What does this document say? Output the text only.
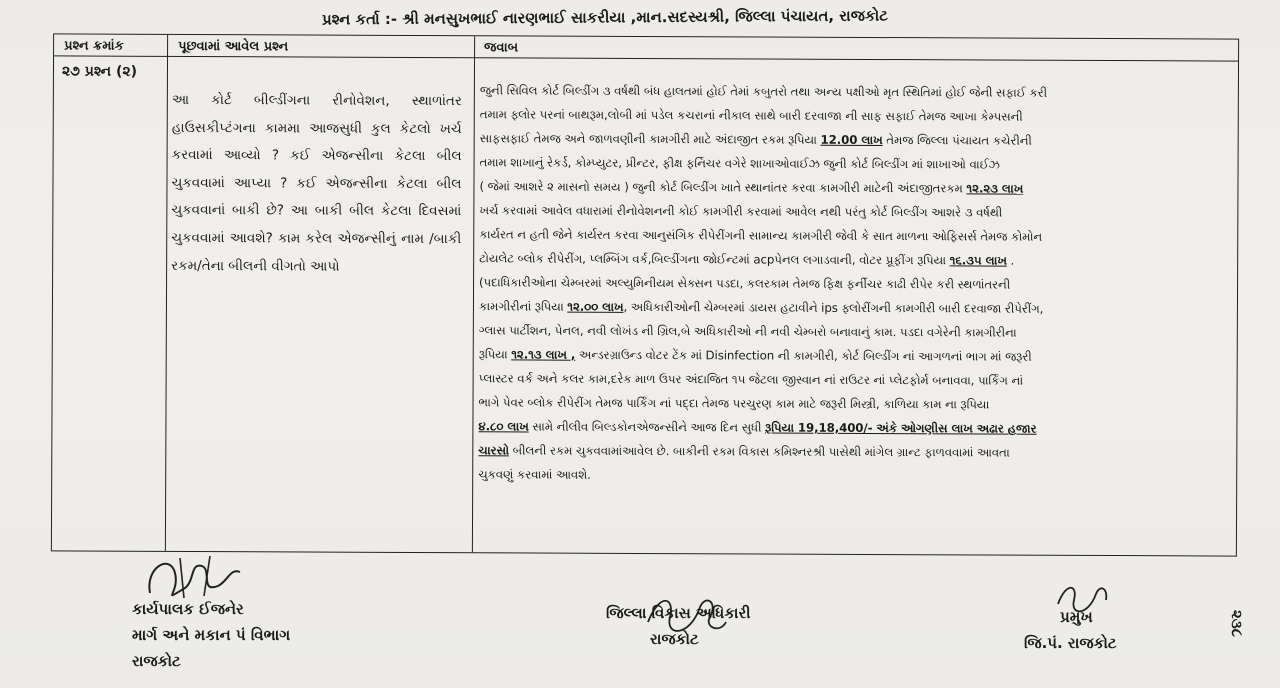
પ્રશ્ન કર્તા :- શ્રી મનસુખભાઈ નારણભાઈ સાકરીયા ,માન.સદસ્યશ્રી, જિલ્લા પંચાયત, રાજકોટ
પ્રશ્ન ક્રમાંક	પૂછવામાં આવેલ પ્રશ્ન	જવાબ
૨૭ પ્રશ્ન (૨)
આ કોર્ટ બીલ્ડીંગના રીનોવેશન, સ્થાળાંતર હાઉસકીપ્ટંગના કામમા આજસુધી કુલ કેટલો ખર્ચ કરવામાં આવ્યો ? કઈ એજન્સીના કેટલા બીલ ચુકવવામાં આપ્યા ? કઈ એજન્સીના કેટલા બીલ ચુકવવાનાં બાકી છે? આ બાકી બીલ કેટલા દિવસમાં ચુકવવામાં આવશે? કામ કરેલ એજન્સીનું નામ /બાકી રકમ/તેના બીલની વીગતો આપો
જુની સિવિલ કોર્ટ બિલ્ડીંગ ૩ વર્ષથી બંધ હાલતમાં હોઈ તેમાં કબુતરો તથા અન્ય પક્ષીઓ મૃત સ્થિતિમાં હોઈ જેની સફાઈ કરી
તમામ ફ્લોર પરનાં બાથરૂમ,લોબી માં પડેલ કચરાનાં નીકાલ સાથે બારી દરવાજા ની સાફ સફાઈ તેમજ આખા કેમ્પસની
સાફસફાઈ તેમજ અને જાળવણીની કામગીરી માટે અંદાજીત રકમ રૂપિયા 12.00 લાખ તેમજ જિલ્લા પંચાયત કચેરીની
તમામ શાખાનું રેકર્ડ, કોમ્પ્યુટર, પ્રીન્ટર, ફીક્ષ ફર્નિચર વગેરે શાખાઓવાઈઝ જુની કોર્ટ બિલ્ડીંગ માં શાખાઓ વાઈઝ
( જેમાં આશરે ૨ માસનો સમય ) જુની કોર્ટ બિલ્ડીંગ ખાતે સ્થાનાંતર કરવા કામગીરી માટેની અંદાજીતરકમ ૧૨.૨૩ લાખ
ખર્ચ કરવામાં આવેલ વધારામાં રીનોવેશનની કોઈ કામગીરી કરવામાં આવેલ નથી પરંતુ કોર્ટ બિલ્ડીંગ આશરે ૩ વર્ષથી
કાર્યરત ન હતી જેને કાર્યરત કરવા આનુસંગિક રીપેરીંગની સામાન્ય કામગીરી જેવી કે સાત માળના ઓફિસર્સ તેમજ કોમોન
ટોયલેટ બ્લોક રીપેરીંગ, પ્લમ્બિંગ વર્ક,બિલ્ડીંગના જોઈન્ટમાં acpપેનલ લગાડવાની, વોટર પ્રૂફીંગ રૂપિયા ૧૬.૩૫ લાખ .
(પદાધિકારીઓના ચેમ્બરમાં અલ્યુમિનીયમ સેક્સન પડદા, કલરકામ તેમજ ફિક્ષ ફર્નીચર કાઢી રીપેર કરી સ્થળાંતરની
કામગીરીનાં રૂપિયા ૧૨.૦૦ લાખ, અધિકારીઓની ચેમ્બરમાં ડાયસ હટાવીને ips ફ્લોરીંગની કામગીરી બારી દરવાજા રીપેરીંગ,
ગ્લાસ પાર્ટીશન, પેનલ, નવી લોખંડ ની ગ્રિલ,બે અધિકારીઓ ની નવી ચેમ્બરો બનાવાનું કામ. પડદા વગેરેની કામગીરીના
રૂપિયા ૧૨.૧૩ લાખ , અન્ડરગ્રાઉન્ડ વોટર ટેંક માં Disinfection ની કામગીરી, કોર્ટ બિલ્ડીંગ નાં આગળનાં ભાગ માં જરૂરી
પ્લાસ્ટર વર્ક અને કલર કામ,દરેક માળ ઉપર અંદાજિત ૧૫ જેટલા જીસ્વાન નાં રાઉટર નાં પ્લેટફોર્મ બનાવવા, પાર્કિંગ નાં
ભાગે પેવર બ્લોક રીપેરીંગ તેમજ પાર્કિંગ નાં પદ્દા તેમજ પરચુરણ કામ માટે જરૂરી મિસ્ત્રી, કાળિયા કામ ના રૂપિયા
૪.૮૦ લાખ સામે નીલીવ બિલ્ડકોનએજન્સીને આજ દિન સુધી રૂપિયા 19,18,400/- અંકે ઓગણીસ લાખ અઢાર હજાર
ચારસો બીલની રકમ ચુકવવામાંઆવેલ છે. બાકીની રકમ વિકાસ કમિશ્નરશ્રી પાસેથી માંગેલ ગ્રાન્ટ ફાળવવામાં આવતા
ચુકવણું કરવામાં આવશે.
કાર્યપાલક ઈજનેર
માર્ગ અને મકાન પં વિભાગ
રાજકોટ
જિલ્લા વિકાસ અધિકારી
રાજકોટ
પ્રમુખ
જિ.પં. રાજકોટ
૨૩૮
